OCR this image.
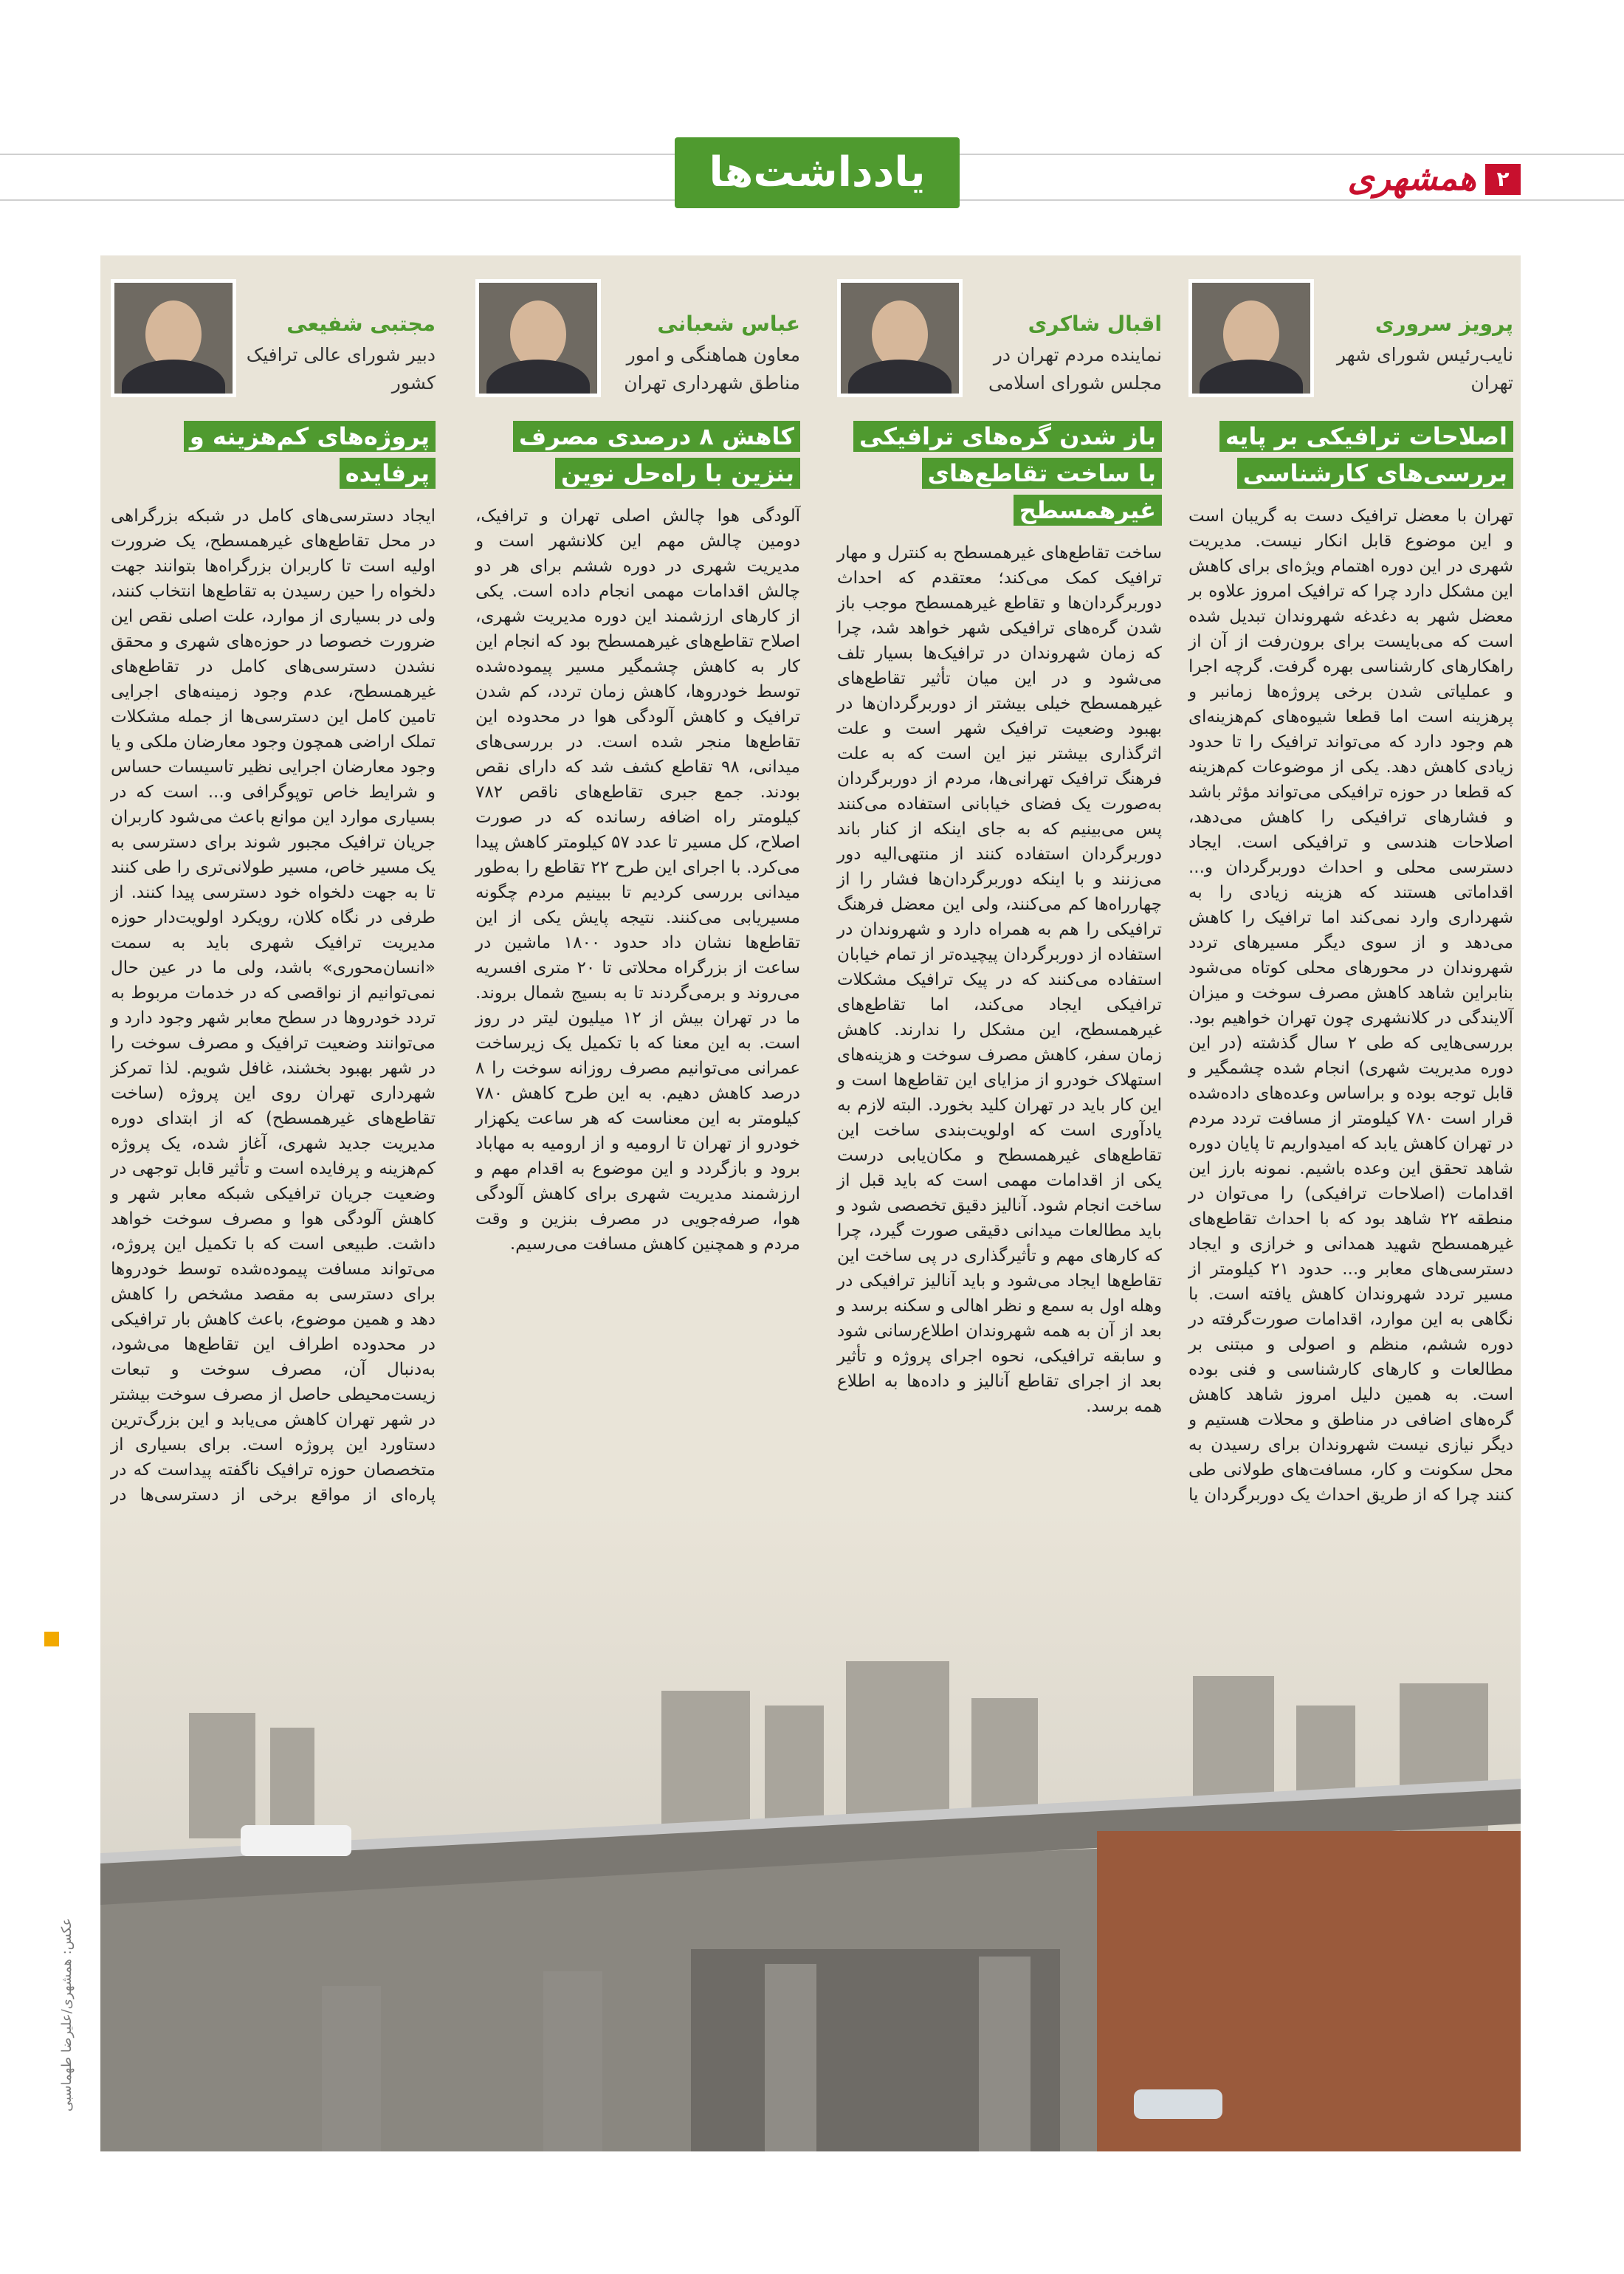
۲
همشهری
یادداشت‌ها
پرویز سروری
نایب‌رئیس شورای شهر تهران
اصلاحات ترافیکی بر پایه بررسی‌های کارشناسی
تهران با معضل ترافیک دست به گریبان است و این موضوع قابل انکار نیست. مدیریت شهری در این دوره اهتمام ویژه‌ای برای کاهش این مشکل دارد چرا که ترافیک امروز علاوه بر معضل شهر به دغدغه شهروندان تبدیل شده است که می‌بایست برای برون‌رفت از آن از راهکارهای کارشناسی بهره گرفت. گرچه اجرا و عملیاتی شدن برخی پروژه‌ها زمانبر و پرهزینه است اما قطعا شیوه‌های کم‌هزینه‌ای هم وجود دارد که می‌تواند ترافیک را تا حدود زیادی کاهش دهد. یکی از موضوعات کم‌هزینه که قطعا در حوزه ترافیکی می‌تواند مؤثر باشد و فشارهای ترافیکی را کاهش می‌دهد، اصلاحات هندسی و ترافیکی است. ایجاد دسترسی محلی و احداث دوربرگردان و... اقداماتی هستند که هزینه زیادی را به شهرداری وارد نمی‌کند اما ترافیک را کاهش می‌دهد و از سوی دیگر مسیرهای تردد شهروندان در محورهای محلی کوتاه می‌شود بنابراین شاهد کاهش مصرف سوخت و میزان آلایندگی در کلانشهری چون تهران خواهیم بود. بررسی‌هایی که طی ۲ سال گذشته (در این دوره مدیریت شهری) انجام شده چشمگیر و قابل توجه بوده و براساس وعده‌های داده‌شده قرار است ۷۸۰ کیلومتر از مسافت تردد مردم در تهران کاهش یابد که امیدواریم تا پایان دوره شاهد تحقق این وعده باشیم. نمونه بارز این اقدامات (اصلاحات ترافیکی) را می‌توان در منطقه ۲۲ شاهد بود که با احداث تقاطع‌های غیرهمسطح شهید همدانی و خرازی و ایجاد دسترسی‌های معابر و... حدود ۲۱ کیلومتر از مسیر تردد شهروندان کاهش یافته است. با نگاهی به این موارد، اقدامات صورت‌گرفته در دوره ششم، منظم و اصولی و مبتنی بر مطالعات و کارهای کارشناسی و فنی بوده است. به همین دلیل امروز شاهد کاهش گره‌های اضافی در مناطق و محلات هستیم و دیگر نیازی نیست شهروندان برای رسیدن به محل سکونت و کار، مسافت‌های طولانی طی کنند چرا که از طریق احداث یک دوربرگردان یا
اقبال شاکری
نماینده مردم تهران در مجلس شورای اسلامی
باز شدن گره‌های ترافیکی با ساخت تقاطع‌های غیرهمسطح
ساخت تقاطع‌های غیرهمسطح به کنترل و مهار ترافیک کمک می‌کند؛ معتقدم که احداث دوربرگردان‌ها و تقاطع غیرهمسطح موجب باز شدن گره‌های ترافیکی شهر خواهد شد، چرا که زمان شهروندان در ترافیک‌ها بسیار تلف می‌شود و در این میان تأثیر تقاطع‌های غیرهمسطح خیلی بیشتر از دوربرگردان‌ها در بهبود وضعیت ترافیک شهر است و علت اثرگذاری بیشتر نیز این است که به علت فرهنگ ترافیک تهرانی‌ها، مردم از دوربرگردان به‌صورت یک فضای خیابانی استفاده می‌کنند پس می‌بینیم که به جای اینکه از کنار باند دوربرگردان استفاده کنند از منتهی‌الیه دور می‌زنند و با اینکه دوربرگردان‌ها فشار را از چهارراه‌ها کم می‌کنند، ولی این معضل فرهنگ ترافیکی را هم به همراه دارد و شهروندان در استفاده از دوربرگردان پیچیده‌تر از تمام خیابان استفاده می‌کنند که در پیک ترافیک مشکلات ترافیکی ایجاد می‌کند، اما تقاطع‌های غیرهمسطح، این مشکل را ندارند. کاهش زمان سفر، کاهش مصرف سوخت و هزینه‌های استهلاک خودرو از مزایای این تقاطع‌ها است و این کار باید در تهران کلید بخورد. البته لازم به یادآوری است که اولویت‌بندی ساخت این تقاطع‌های غیرهمسطح و مکان‌یابی درست یکی از اقدامات مهمی است که باید قبل از ساخت انجام شود. آنالیز دقیق تخصصی شود و باید مطالعات میدانی دقیقی صورت گیرد، چرا که کارهای مهم و تأثیرگذاری در پی ساخت این تقاطع‌ها ایجاد می‌شود و باید آنالیز ترافیکی در وهله اول به سمع و نظر اهالی و سکنه برسد و بعد از آن به همه شهروندان اطلاع‌رسانی شود و سابقه ترافیکی، نحوه اجرای پروژه و تأثیر بعد از اجرای تقاطع آنالیز و داده‌ها به اطلاع همه برسد.
عباس شعبانی
معاون هماهنگی و امور مناطق شهرداری تهران
کاهش ۸ درصدی مصرف بنزین با راه‌حل نوین
آلودگی هوا چالش اصلی تهران و ترافیک، دومین چالش مهم این کلانشهر است و مدیریت شهری در دوره ششم برای هر دو چالش اقدامات مهمی انجام داده است. یکی از کارهای ارزشمند این دوره مدیریت شهری، اصلاح تقاطع‌های غیرهمسطح بود که انجام این کار به کاهش چشمگیر مسیر پیموده‌شده توسط خودروها، کاهش زمان تردد، کم شدن ترافیک و کاهش آلودگی هوا در محدوده این تقاطع‌ها منجر شده است. در بررسی‌های میدانی، ۹۸ تقاطع کشف شد که دارای نقص بودند. جمع جبری تقاطع‌های ناقص ۷۸۲ کیلومتر راه اضافه رسانده که در صورت اصلاح، کل مسیر تا عدد ۵۷ کیلومتر کاهش پیدا می‌کرد. با اجرای این طرح ۲۲ تقاطع را به‌طور میدانی بررسی کردیم تا ببینیم مردم چگونه مسیریابی می‌کنند. نتیجه پایش یکی از این تقاطع‌ها نشان داد حدود ۱۸۰۰ ماشین در ساعت از بزرگراه محلاتی تا ۲۰ متری افسریه می‌روند و برمی‌گردند تا به بسیج شمال بروند. ما در تهران بیش از ۱۲ میلیون لیتر در روز است. به این معنا که با تکمیل یک زیرساخت عمرانی می‌توانیم مصرف روزانه سوخت را ۸ درصد کاهش دهیم. به این طرح کاهش ۷۸۰ کیلومتر به این معناست که هر ساعت یکهزار خودرو از تهران تا ارومیه و از ارومیه به مهاباد برود و بازگردد و این موضوع به اقدام مهم و ارزشمند مدیریت شهری برای کاهش آلودگی هوا، صرفه‌جویی در مصرف بنزین و وقت مردم و همچنین کاهش مسافت می‌رسیم.
مجتبی شفیعی
دبیر شورای عالی ترافیک کشور
پروژه‌های کم‌هزینه و پرفایده
ایجاد دسترسی‌های کامل در شبکه بزرگراهی در محل تقاطع‌های غیرهمسطح، یک ضرورت اولیه است تا کاربران بزرگراه‌ها بتوانند جهت دلخواه را حین رسیدن به تقاطع‌ها انتخاب کنند، ولی در بسیاری از موارد، علت اصلی نقص این ضرورت خصوصا در حوزه‌های شهری و محقق نشدن دسترسی‌های کامل در تقاطع‌های غیرهمسطح، عدم وجود زمینه‌های اجرایی تامین کامل این دسترسی‌ها از جمله مشکلات تملک اراضی همچون وجود معارضان ملکی و یا وجود معارضان اجرایی نظیر تاسیسات حساس و شرایط خاص توپوگرافی و... است که در بسیاری موارد این موانع باعث می‌شود کاربران جریان ترافیک مجبور شوند برای دسترسی به یک مسیر خاص، مسیر طولانی‌تری را طی کنند تا به جهت دلخواه خود دسترسی پیدا کنند. از طرفی در نگاه کلان، رویکرد اولویت‌دار حوزه مدیریت ترافیک شهری باید به سمت «انسان‌محوری» باشد، ولی ما در عین حال نمی‌توانیم از نواقصی که در خدمات مربوط به تردد خودروها در سطح معابر شهر وجود دارد و می‌توانند وضعیت ترافیک و مصرف سوخت را در شهر بهبود بخشند، غافل شویم. لذا تمرکز شهرداری تهران روی این پروژه (ساخت تقاطع‌های غیرهمسطح) که از ابتدای دوره مدیریت جدید شهری، آغاز شده، یک پروژه کم‌هزینه و پرفایده است و تأثیر قابل توجهی در وضعیت جریان ترافیکی شبکه معابر شهر و کاهش آلودگی هوا و مصرف سوخت خواهد داشت. طبیعی است که با تکمیل این پروژه، می‌تواند مسافت پیموده‌شده توسط خودروها برای دسترسی به مقصد مشخص را کاهش دهد و همین موضوع، باعث کاهش بار ترافیکی در محدوده اطراف این تقاطع‌ها می‌شود، به‌دنبال آن، مصرف سوخت و تبعات زیست‌محیطی حاصل از مصرف سوخت بیشتر در شهر تهران کاهش می‌یابد و این بزرگ‌ترین دستاورد این پروژه است. برای بسیاری از متخصصان حوزه ترافیک ناگفته پیداست که در پاره‌ای از مواقع برخی از دسترسی‌ها در
عکس: همشهری/علیرضا طهماسبی
